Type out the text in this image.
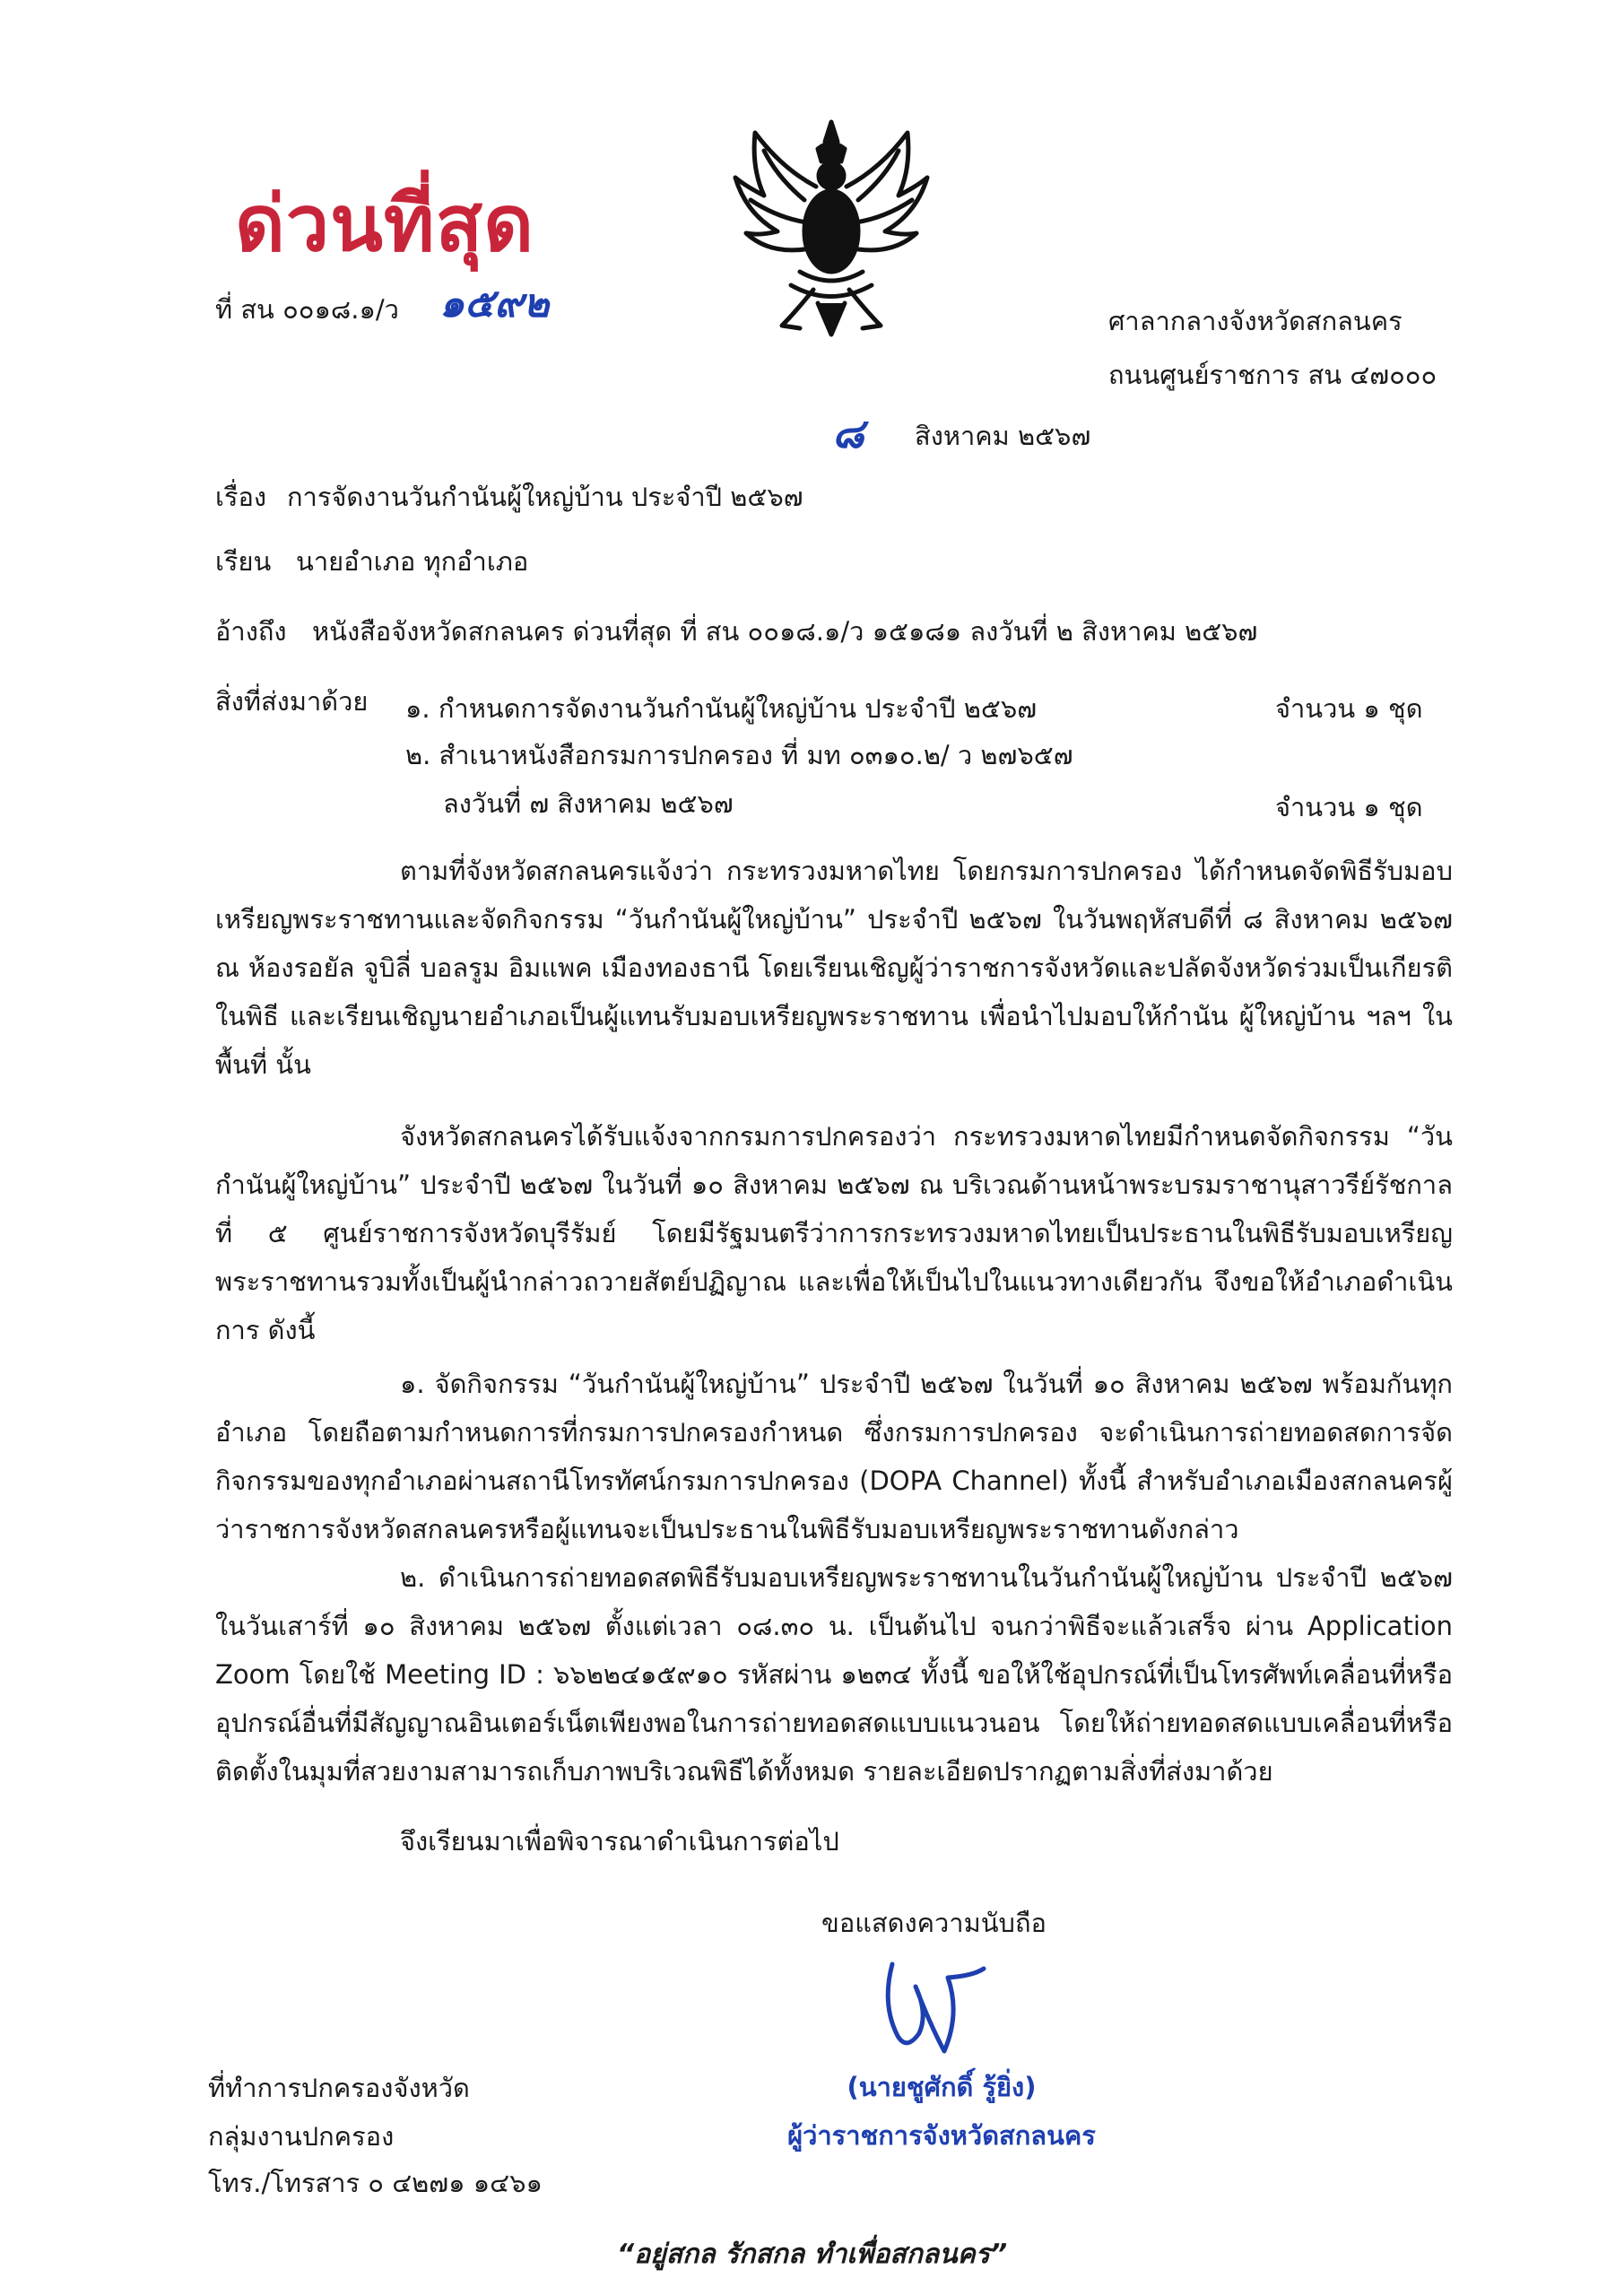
ด่วนที่สุด
ที่ สน ๐๐๑๘.๑/ว ๑๕๙๒	ศาลากลางจังหวัดสกลนคร
ถนนศูนย์ราชการ สน ๔๗๐๐๐
๘ สิงหาคม ๒๕๖๗
เรื่อง การจัดงานวันกำนันผู้ใหญ่บ้าน ประจำปี ๒๕๖๗
เรียน นายอำเภอ ทุกอำเภอ
อ้างถึง หนังสือจังหวัดสกลนคร ด่วนที่สุด ที่ สน ๐๐๑๘.๑/ว ๑๕๑๘๑ ลงวันที่ ๒ สิงหาคม ๒๕๖๗
สิ่งที่ส่งมาด้วย ๑. กำหนดการจัดงานวันกำนันผู้ใหญ่บ้าน ประจำปี ๒๕๖๗	จำนวน ๑ ชุด
๒. สำเนาหนังสือกรมการปกครอง ที่ มท ๐๓๑๐.๒/ ว ๒๗๖๕๗
ลงวันที่ ๗ สิงหาคม ๒๕๖๗	จำนวน ๑ ชุด
ตามที่จังหวัดสกลนครแจ้งว่า กระทรวงมหาดไทย โดยกรมการปกครอง ได้กำหนดจัดพิธีรับมอบเหรียญพระราชทานและจัดกิจกรรม “วันกำนันผู้ใหญ่บ้าน” ประจำปี ๒๕๖๗ ในวันพฤหัสบดีที่ ๘ สิงหาคม ๒๕๖๗ ณ ห้องรอยัล จูบิลี่ บอลรูม อิมแพค เมืองทองธานี โดยเรียนเชิญผู้ว่าราชการจังหวัดและปลัดจังหวัดร่วมเป็นเกียรติในพิธี และเรียนเชิญนายอำเภอเป็นผู้แทนรับมอบเหรียญพระราชทาน เพื่อนำไปมอบให้กำนัน ผู้ใหญ่บ้าน ฯลฯ ในพื้นที่ นั้น
จังหวัดสกลนครได้รับแจ้งจากกรมการปกครองว่า กระทรวงมหาดไทยมีกำหนดจัดกิจกรรม “วันกำนันผู้ใหญ่บ้าน” ประจำปี ๒๕๖๗ ในวันที่ ๑๐ สิงหาคม ๒๕๖๗ ณ บริเวณด้านหน้าพระบรมราชานุสาวรีย์รัชกาลที่ ๕ ศูนย์ราชการจังหวัดบุรีรัมย์ โดยมีรัฐมนตรีว่าการกระทรวงมหาดไทยเป็นประธานในพิธีรับมอบเหรียญพระราชทานรวมทั้งเป็นผู้นำกล่าวถวายสัตย์ปฏิญาณ และเพื่อให้เป็นไปในแนวทางเดียวกัน จึงขอให้อำเภอดำเนินการ ดังนี้
๑. จัดกิจกรรม “วันกำนันผู้ใหญ่บ้าน” ประจำปี ๒๕๖๗ ในวันที่ ๑๐ สิงหาคม ๒๕๖๗ พร้อมกันทุกอำเภอ โดยถือตามกำหนดการที่กรมการปกครองกำหนด ซึ่งกรมการปกครอง จะดำเนินการถ่ายทอดสดการจัดกิจกรรมของทุกอำเภอผ่านสถานีโทรทัศน์กรมการปกครอง (DOPA Channel) ทั้งนี้ สำหรับอำเภอเมืองสกลนครผู้ว่าราชการจังหวัดสกลนครหรือผู้แทนจะเป็นประธานในพิธีรับมอบเหรียญพระราชทานดังกล่าว
๒. ดำเนินการถ่ายทอดสดพิธีรับมอบเหรียญพระราชทานในวันกำนันผู้ใหญ่บ้าน ประจำปี ๒๕๖๗ ในวันเสาร์ที่ ๑๐ สิงหาคม ๒๕๖๗ ตั้งแต่เวลา ๐๘.๓๐ น. เป็นต้นไป จนกว่าพิธีจะแล้วเสร็จ ผ่าน Application Zoom โดยใช้ Meeting ID : ๖๖๒๒๔๑๕๙๑๐ รหัสผ่าน ๑๒๓๔ ทั้งนี้ ขอให้ใช้อุปกรณ์ที่เป็นโทรศัพท์เคลื่อนที่หรืออุปกรณ์อื่นที่มีสัญญาณอินเตอร์เน็ตเพียงพอในการถ่ายทอดสดแบบแนวนอน โดยให้ถ่ายทอดสดแบบเคลื่อนที่หรือติดตั้งในมุมที่สวยงามสามารถเก็บภาพบริเวณพิธีได้ทั้งหมด รายละเอียดปรากฏตามสิ่งที่ส่งมาด้วย
จึงเรียนมาเพื่อพิจารณาดำเนินการต่อไป
ขอแสดงความนับถือ
(นายชูศักดิ์ รู้ยิ่ง)
ผู้ว่าราชการจังหวัดสกลนคร
ที่ทำการปกครองจังหวัด
กลุ่มงานปกครอง
โทร./โทรสาร ๐ ๔๒๗๑ ๑๔๖๑
“อยู่สกล รักสกล ทำเพื่อสกลนคร”
